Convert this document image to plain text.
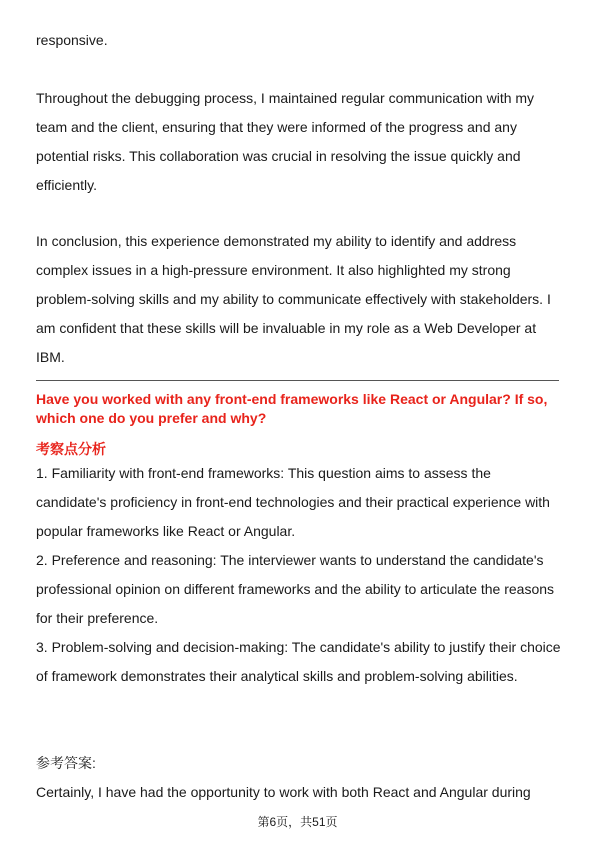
responsive.

Throughout the debugging process, I maintained regular communication with my team and the client, ensuring that they were informed of the progress and any potential risks. This collaboration was crucial in resolving the issue quickly and efficiently.

In conclusion, this experience demonstrated my ability to identify and address complex issues in a high-pressure environment. It also highlighted my strong problem-solving skills and my ability to communicate effectively with stakeholders. I am confident that these skills will be invaluable in my role as a Web Developer at IBM.

Have you worked with any front-end frameworks like React or Angular? If so, which one do you prefer and why?

考察点分析

1. Familiarity with front-end frameworks: This question aims to assess the candidate's proficiency in front-end technologies and their practical experience with popular frameworks like React or Angular.
2. Preference and reasoning: The interviewer wants to understand the candidate's professional opinion on different frameworks and the ability to articulate the reasons for their preference.
3. Problem-solving and decision-making: The candidate's ability to justify their choice of framework demonstrates their analytical skills and problem-solving abilities.

参考答案:

Certainly, I have had the opportunity to work with both React and Angular during

第6页，共51页
